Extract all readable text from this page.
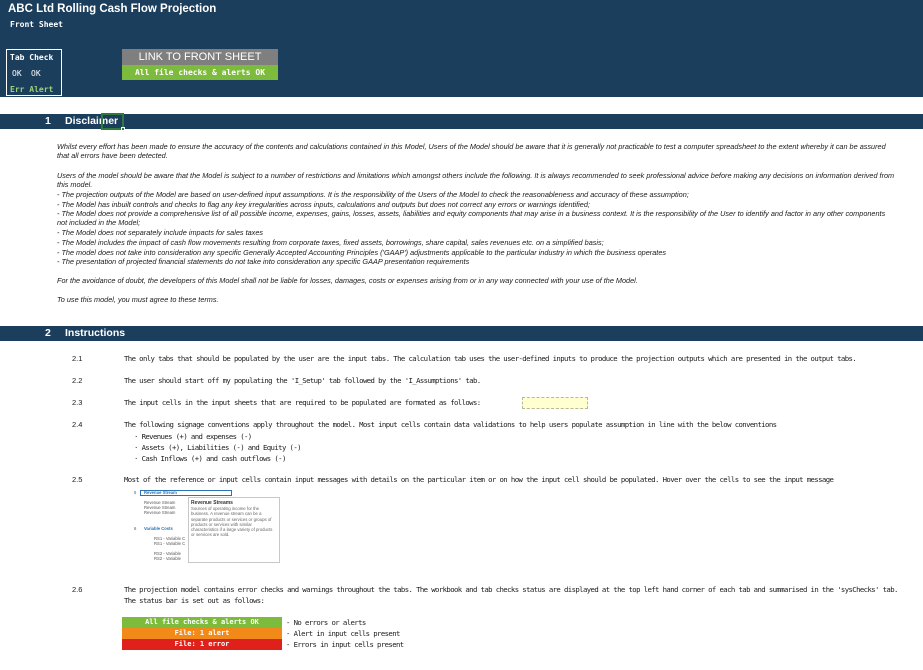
ABC Ltd Rolling Cash Flow Projection
Front Sheet
Tab Check
OK OK
Err Alert
LINK TO FRONT SHEET
All file checks & alerts OK
1 Disclaimer
Whilst every effort has been made to ensure the accuracy of the contents and calculations contained in this Model, Users of the Model should be aware that it is generally not practicable to test a computer spreadsheet to the extent whereby it can be assured that all errors have been detected.
Users of the model should be aware that the Model is subject to a number of restrictions and limitations which amongst others include the following. It is always recommended to seek professional advice before making any decisions on information derived from this model.
- The projection outputs of the Model are based on user-defined input assumptions. It is the responsibility of the Users of the Model to check the reasonableness and accuracy of these assumption;
- The Model has inbuilt controls and checks to flag any key irregularities across inputs, calculations and outputs but does not correct any errors or warnings identified;
- The Model does not provide a comprehensive list of all possible income, expenses, gains, losses, assets, liabilities and equity components that may arise in a business context. It is the responsibility of the User to identify and factor in any other components not included in the Model;
- The Model does not separately include impacts for sales taxes
- The Model includes the impact of cash flow movements resulting from corporate taxes, fixed assets, borrowings, share capital, sales revenues etc. on a simplified basis;
- The model does not take into consideration any specific Generally Accepted Accounting Principles ('GAAP') adjustments applicable to the particular industry in which the business operates
- The presentation of projected financial statements do not take into consideration any specific GAAP presentation requirements
For the avoidance of doubt, the developers of this Model shall not be liable for losses, damages, costs or expenses arising from or in any way connected with your use of the Model.
To use this model, you must agree to these terms.
2 Instructions
2.1	The only tabs that should be populated by the user are the input tabs. The calculation tab uses the user-defined inputs to produce the projection outputs which are presented in the output tabs.
2.2	The user should start off my populating the 'I_Setup' tab followed by the 'I_Assumptions' tab.
2.3	The input cells in the input sheets that are required to be populated are formated as follows:
2.4	The following signage conventions apply throughout the model. Most input cells contain data validations to help users populate assumption in line with the below conventions
· Revenues (+) and expenses (-)
· Assets (+), Liabilities (-) and Equity (-)
· Cash Inflows (+) and cash outflows (-)
2.5	Most of the reference or input cells contain input messages with details on the particular item or on how the input cell should be populated. Hover over the cells to see the input message
5 Revenue Stream
Revenue Stream
Revenue Stream
Revenue Stream
6 Variable Costs
RS1 - Variable C
RS1 - Variable C
RS2 - Variable
RS2 - Variable
Revenue Streams
Sources of operating income for the business. A revenue stream can be a separate products or services or groups of products or services with similar characteristics if a large variety of products or services are sold.
2.6	The projection model contains error checks and warnings throughout the tabs. The workbook and tab checks status are displayed at the top left hand corner of each tab and summarised in the 'sysChecks' tab.
The status bar is set out as follows:
All file checks & alerts OK	- No errors or alerts
File: 1 alert	- Alert in input cells present
File: 1 error	- Errors in input cells present
